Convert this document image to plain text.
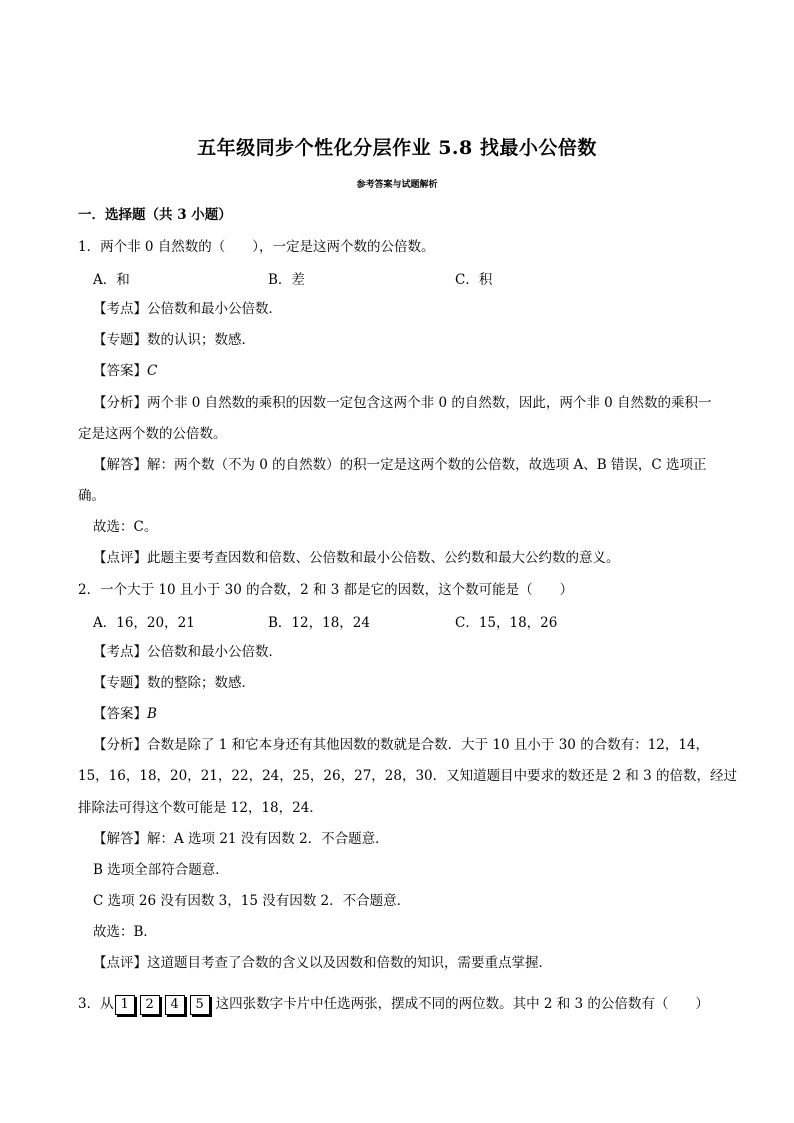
五年级同步个性化分层作业 5.8 找最小公倍数
参考答案与试题解析
一．选择题（共 3 小题）
1．两个非 0 自然数的（　　），一定是这两个数的公倍数。
A．和	B．差	C．积
【考点】公倍数和最小公倍数．
【专题】数的认识；数感．
【答案】C
【分析】两个非 0 自然数的乘积的因数一定包含这两个非 0 的自然数，因此，两个非 0 自然数的乘积一
定是这两个数的公倍数。
【解答】解：两个数（不为 0 的自然数）的积一定是这两个数的公倍数，故选项 A、B 错误，C 选项正
确。
故选：C。
【点评】此题主要考查因数和倍数、公倍数和最小公倍数、公约数和最大公约数的意义。
2．一个大于 10 且小于 30 的合数，2 和 3 都是它的因数，这个数可能是（　　）
A．16，20，21	B．12，18，24	C．15，18，26
【考点】公倍数和最小公倍数．
【专题】数的整除；数感．
【答案】B
【分析】合数是除了 1 和它本身还有其他因数的数就是合数．大于 10 且小于 30 的合数有：12，14，
15，16，18，20，21，22，24，25，26，27，28，30．又知道题目中要求的数还是 2 和 3 的倍数，经过
排除法可得这个数可能是 12，18，24．
【解答】解：A 选项 21 没有因数 2．不合题意．
B 选项全部符合题意．
C 选项 26 没有因数 3，15 没有因数 2．不合题意．
故选：B．
【点评】这道题目考查了合数的含义以及因数和倍数的知识，需要重点掌握．
3．从 1 2 4 5 这四张数字卡片中任选两张，摆成不同的两位数。其中 2 和 3 的公倍数有（　　）
